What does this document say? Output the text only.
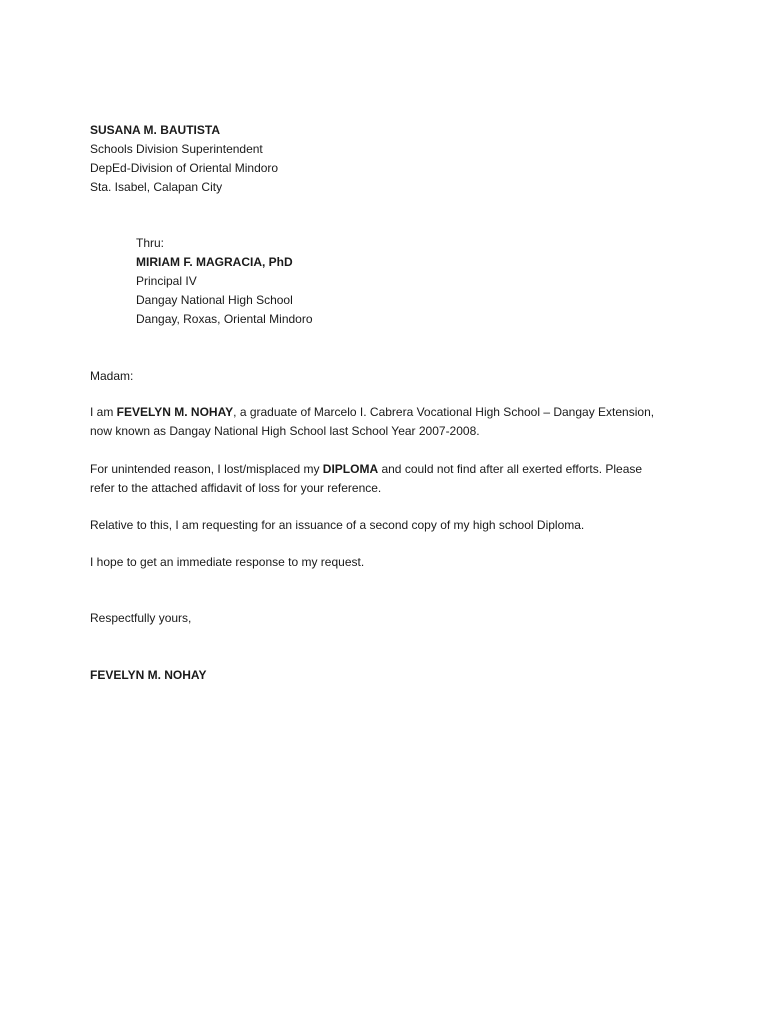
SUSANA M. BAUTISTA
Schools Division Superintendent
DepEd-Division of Oriental Mindoro
Sta. Isabel, Calapan City
Thru:
MIRIAM F. MAGRACIA, PhD
Principal IV
Dangay National High School
Dangay, Roxas, Oriental Mindoro
Madam:
I am FEVELYN M. NOHAY, a graduate of Marcelo I. Cabrera Vocational High School – Dangay Extension,
now known as Dangay National High School last School Year 2007-2008.
For unintended reason, I lost/misplaced my DIPLOMA and could not find after all exerted efforts. Please
refer to the attached affidavit of loss for your reference.
Relative to this, I am requesting for an issuance of a second copy of my high school Diploma.
I hope to get an immediate response to my request.
Respectfully yours,
FEVELYN M. NOHAY
